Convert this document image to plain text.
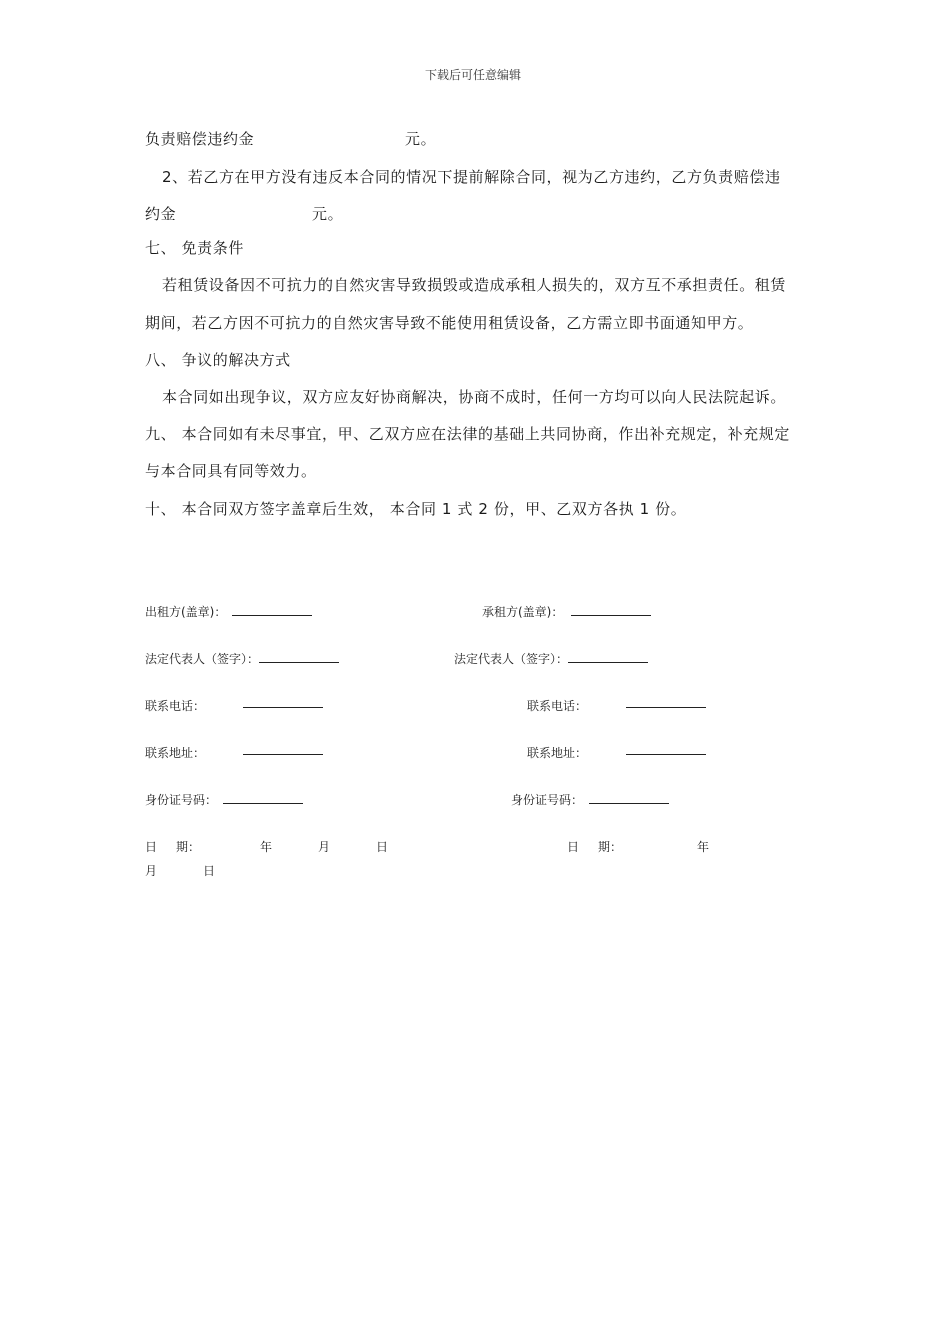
下载后可任意编辑
负责赔偿违约金	元。
2、若乙方在甲方没有违反本合同的情况下提前解除合同，视为乙方违约，乙方负责赔偿违
约金	元。
七、 免责条件
若租赁设备因不可抗力的自然灾害导致损毁或造成承租人损失的，双方互不承担责任。租赁
期间，若乙方因不可抗力的自然灾害导致不能使用租赁设备，乙方需立即书面通知甲方。
八、 争议的解决方式
本合同如出现争议，双方应友好协商解决，协商不成时，任何一方均可以向人民法院起诉。
九、 本合同如有未尽事宜，甲、乙双方应在法律的基础上共同协商，作出补充规定，补充规定
与本合同具有同等效力。
十、 本合同双方签字盖章后生效， 本合同 1 式 2 份，甲、乙双方各执 1 份。
出租方(盖章)：	承租方(盖章)：
法定代表人（签字）：	法定代表人（签字）：
联系电话：	联系电话：
联系地址：	联系地址：
身份证号码：	身份证号码：
日 期：	年	月	日	日 期：	年
月	日
